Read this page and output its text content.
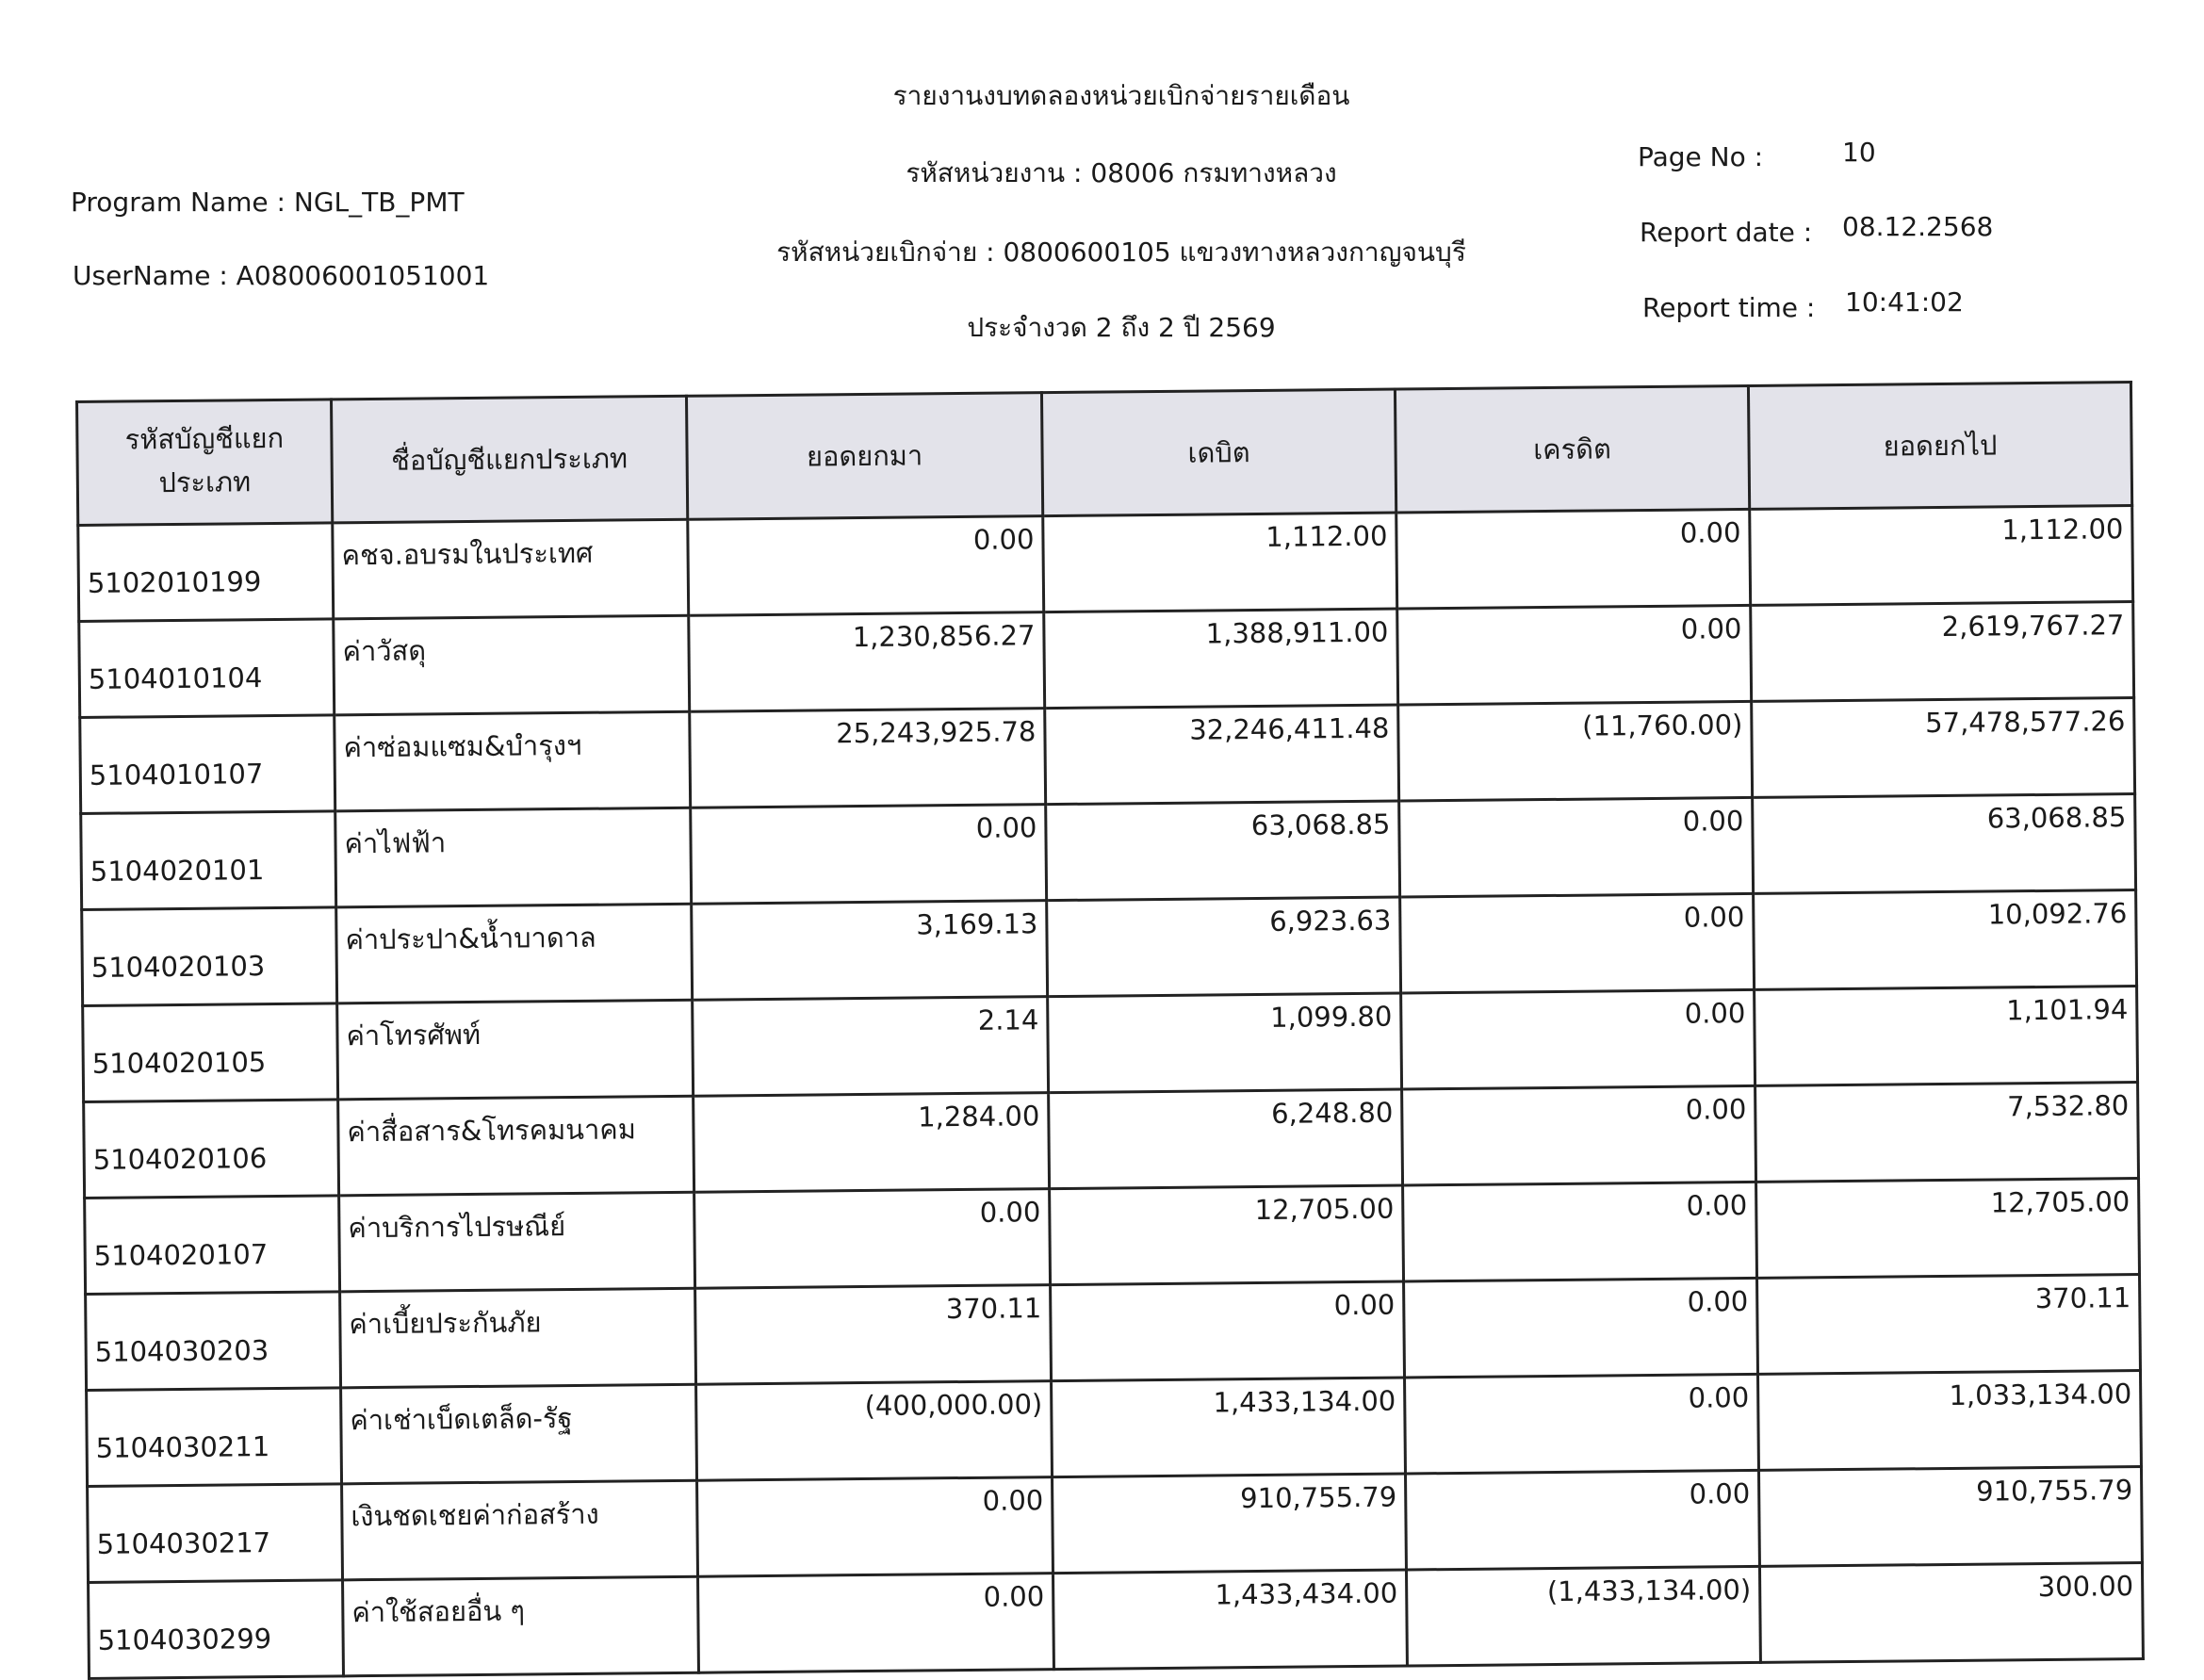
รายงานงบทดลองหน่วยเบิกจ่ายรายเดือน
รหัสหน่วยงาน : 08006 กรมทางหลวง
รหัสหน่วยเบิกจ่าย : 0800600105 แขวงทางหลวงกาญจนบุรี
ประจำงวด 2 ถึง 2 ปี 2569
Program Name : NGL_TB_PMT
UserName : A08006001051001
Page No :	10
Report date : 08.12.2568
Report time : 10:41:02
รหัสบัญชีแยกประเภท	ชื่อบัญชีแยกประเภท	ยอดยกมา	เดบิต	เครดิต	ยอดยกไป
5102010199	คชจ.อบรมในประเทศ	0.00	1,112.00	0.00	1,112.00
5104010104	ค่าวัสดุ	1,230,856.27	1,388,911.00	0.00	2,619,767.27
5104010107	ค่าซ่อมแซม&บำรุงฯ	25,243,925.78	32,246,411.48	(11,760.00)	57,478,577.26
5104020101	ค่าไฟฟ้า	0.00	63,068.85	0.00	63,068.85
5104020103	ค่าประปา&น้ำบาดาล	3,169.13	6,923.63	0.00	10,092.76
5104020105	ค่าโทรศัพท์	2.14	1,099.80	0.00	1,101.94
5104020106	ค่าสื่อสาร&โทรคมนาคม	1,284.00	6,248.80	0.00	7,532.80
5104020107	ค่าบริการไปรษณีย์	0.00	12,705.00	0.00	12,705.00
5104030203	ค่าเบี้ยประกันภัย	370.11	0.00	0.00	370.11
5104030211	ค่าเช่าเบ็ดเตล็ด-รัฐ	(400,000.00)	1,433,134.00	0.00	1,033,134.00
5104030217	เงินชดเชยค่าก่อสร้าง	0.00	910,755.79	0.00	910,755.79
5104030299	ค่าใช้สอยอื่น ๆ	0.00	1,433,434.00	(1,433,134.00)	300.00
